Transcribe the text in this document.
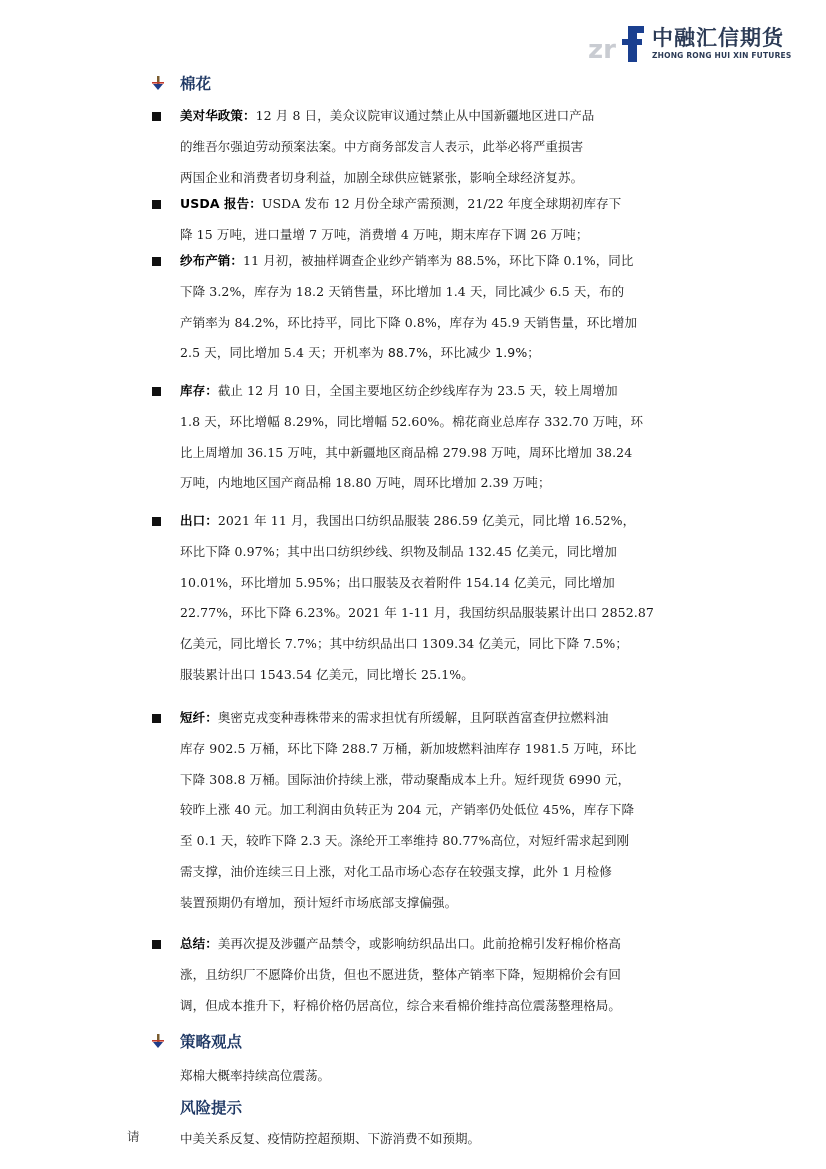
zr 中融汇信期货
ZHONG RONG HUI XIN FUTURES
棉花
美对华政策：12 月 8 日，美众议院审议通过禁止从中国新疆地区进口产品
的维吾尔强迫劳动预案法案。中方商务部发言人表示，此举必将严重损害
两国企业和消费者切身利益，加剧全球供应链紧张，影响全球经济复苏。
USDA 报告：USDA 发布 12 月份全球产需预测，21/22 年度全球期初库存下
降 15 万吨，进口量增 7 万吨，消费增 4 万吨，期末库存下调 26 万吨；
纱布产销：11 月初，被抽样调查企业纱产销率为 88.5%，环比下降 0.1%，同比
下降 3.2%，库存为 18.2 天销售量，环比增加 1.4 天，同比减少 6.5 天，布的
产销率为 84.2%，环比持平，同比下降 0.8%，库存为 45.9 天销售量，环比增加
2.5 天，同比增加 5.4 天；开机率为 88.7%，环比减少 1.9%；
库存：截止 12 月 10 日，全国主要地区纺企纱线库存为 23.5 天，较上周增加
1.8 天，环比增幅 8.29%，同比增幅 52.60%。棉花商业总库存 332.70 万吨，环
比上周增加 36.15 万吨，其中新疆地区商品棉 279.98 万吨，周环比增加 38.24
万吨，内地地区国产商品棉 18.80 万吨，周环比增加 2.39 万吨；
出口：2021 年 11 月，我国出口纺织品服装 286.59 亿美元，同比增 16.52%，
环比下降 0.97%；其中出口纺织纱线、织物及制品 132.45 亿美元，同比增加
10.01%，环比增加 5.95%；出口服装及衣着附件 154.14 亿美元，同比增加
22.77%，环比下降 6.23%。2021 年 1-11 月，我国纺织品服装累计出口 2852.87
亿美元，同比增长 7.7%；其中纺织品出口 1309.34 亿美元，同比下降 7.5%；
服装累计出口 1543.54 亿美元，同比增长 25.1%。
短纤：奥密克戎变种毒株带来的需求担忧有所缓解，且阿联酋富查伊拉燃料油
库存 902.5 万桶，环比下降 288.7 万桶，新加坡燃料油库存 1981.5 万吨，环比
下降 308.8 万桶。国际油价持续上涨，带动聚酯成本上升。短纤现货 6990 元，
较昨上涨 40 元。加工利润由负转正为 204 元，产销率仍处低位 45%，库存下降
至 0.1 天，较昨下降 2.3 天。涤纶开工率维持 80.77%高位，对短纤需求起到刚
需支撑，油价连续三日上涨，对化工品市场心态存在较强支撑，此外 1 月检修
装置预期仍有增加，预计短纤市场底部支撑偏强。
总结：美再次提及涉疆产品禁令，或影响纺织品出口。此前抢棉引发籽棉价格高
涨，且纺织厂不愿降价出货，但也不愿进货，整体产销率下降，短期棉价会有回
调，但成本推升下，籽棉价格仍居高位，综合来看棉价维持高位震荡整理格局。
策略观点
郑棉大概率持续高位震荡。
风险提示
中美关系反复、疫情防控超预期、下游消费不如预期。
请
